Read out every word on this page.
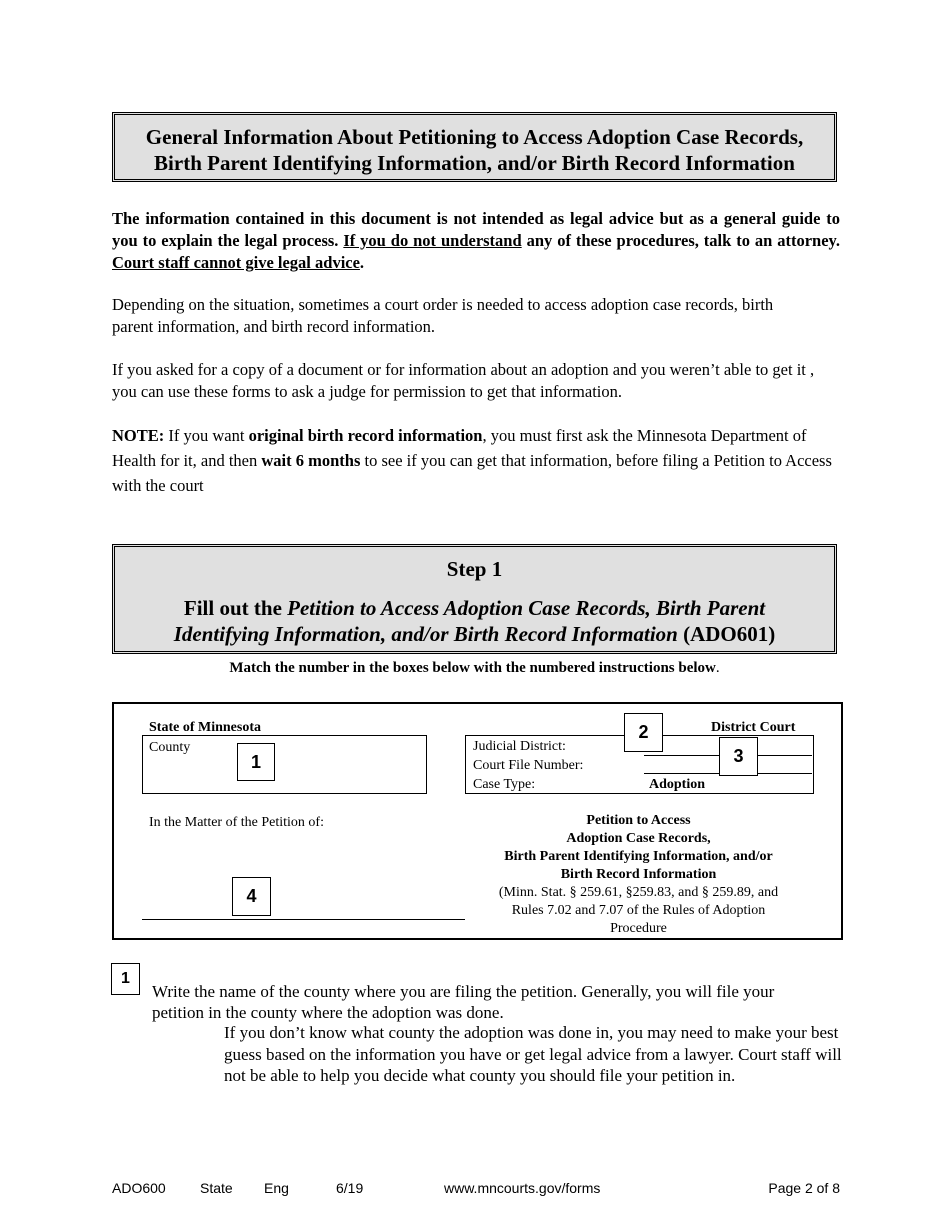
General Information About Petitioning to Access Adoption Case Records,
Birth Parent Identifying Information, and/or Birth Record Information
The information contained in this document is not intended as legal advice but as a general guide to you to explain the legal process. If you do not understand any of these procedures, talk to an attorney. Court staff cannot give legal advice.
Depending on the situation, sometimes a court order is needed to access adoption case records, birth parent information, and birth record information.
If you asked for a copy of a document or for information about an adoption and you weren’t able to get it , you can use these forms to ask a judge for permission to get that information.
NOTE: If you want original birth record information, you must first ask the Minnesota Department of Health for it, and then wait 6 months to see if you can get that information, before filing a Petition to Access with the court
Step 1
Fill out the Petition to Access Adoption Case Records, Birth Parent
Identifying Information, and/or Birth Record Information (ADO601)
Match the number in the boxes below with the numbered instructions below.
State of Minnesota
County
1
District Court
Judicial District:
Court File Number:
Case Type:	Adoption
2
3
In the Matter of the Petition of:
4
Petition to Access
Adoption Case Records,
Birth Parent Identifying Information, and/or
Birth Record Information
(Minn. Stat. § 259.61, §259.83, and § 259.89, and
Rules 7.02 and 7.07 of the Rules of Adoption
Procedure
1
Write the name of the county where you are filing the petition. Generally, you will file your petition in the county where the adoption was done.
If you don’t know what county the adoption was done in, you may need to make your best guess based on the information you have or get legal advice from a lawyer. Court staff will not be able to help you decide what county you should file your petition in.
ADO600 State Eng	6/19	www.mncourts.gov/forms	Page 2 of 8
